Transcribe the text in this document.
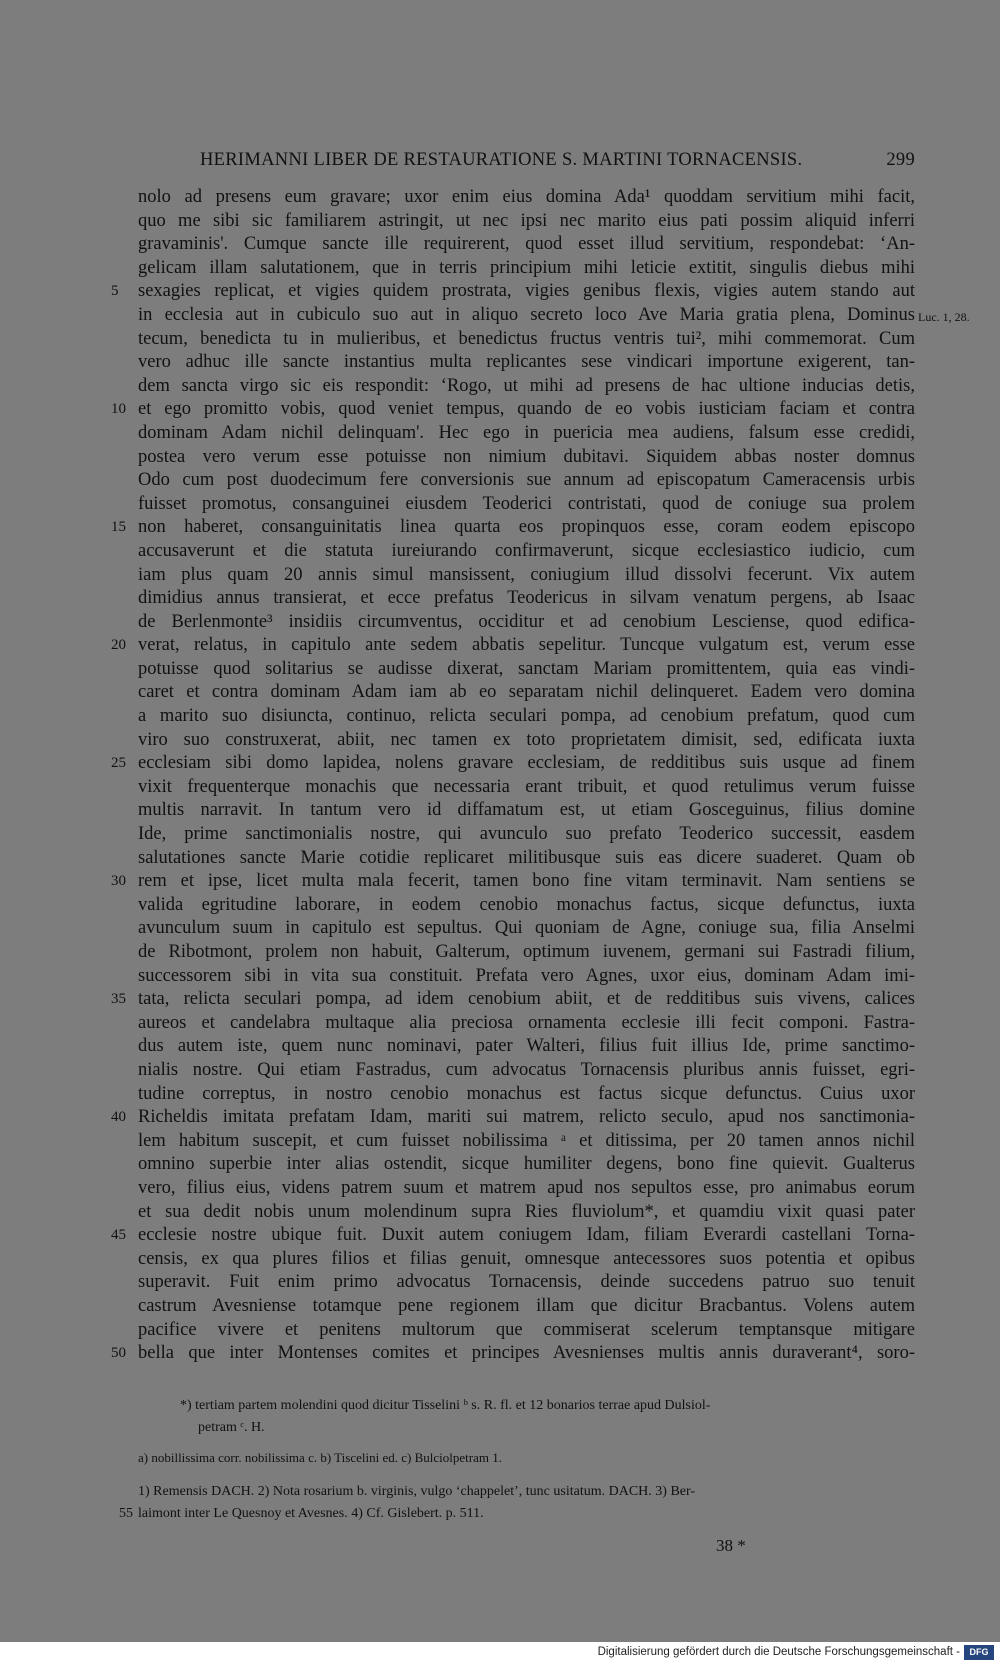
HERIMANNI LIBER DE RESTAURATIONE S. MARTINI TORNACENSIS.	299
nolo ad presens eum gravare; uxor enim eius domina Ada¹ quoddam servitium mihi facit,
quo me sibi sic familiarem astringit, ut nec ipsi nec marito eius pati possim aliquid inferri
gravaminis'. Cumque sancte ille requirerent, quod esset illud servitium, respondebat: ‘An-
gelicam illam salutationem, que in terris principium mihi leticie extitit, singulis diebus mihi
sexagies replicat, et vigies quidem prostrata, vigies genibus flexis, vigies autem stando aut
5
in ecclesia aut in cubiculo suo aut in aliquo secreto loco Ave Maria gratia plena, Dominus Luc. 1, 28.
tecum, benedicta tu in mulieribus, et benedictus fructus ventris tui², mihi commemorat. Cum
vero adhuc ille sancte instantius multa replicantes sese vindicari importune exigerent, tan-
dem sancta virgo sic eis respondit: ‘Rogo, ut mihi ad presens de hac ultione inducias detis,
et ego promitto vobis, quod veniet tempus, quando de eo vobis iusticiam faciam et contra
10
dominam Adam nichil delinquam'. Hec ego in puericia mea audiens, falsum esse credidi,
postea vero verum esse potuisse non nimium dubitavi. Siquidem abbas noster domnus
Odo cum post duodecimum fere conversionis sue annum ad episcopatum Cameracensis urbis
fuisset promotus, consanguinei eiusdem Teoderici contristati, quod de coniuge sua prolem
non haberet, consanguinitatis linea quarta eos propinquos esse, coram eodem episcopo
15
accusaverunt et die statuta iureiurando confirmaverunt, sicque ecclesiastico iudicio, cum
iam plus quam 20 annis simul mansissent, coniugium illud dissolvi fecerunt. Vix autem
dimidius annus transierat, et ecce prefatus Teodericus in silvam venatum pergens, ab Isaac
de Berlenmonte³ insidiis circumventus, occiditur et ad cenobium Lesciense, quod edifica-
verat, relatus, in capitulo ante sedem abbatis sepelitur. Tuncque vulgatum est, verum esse
20
potuisse quod solitarius se audisse dixerat, sanctam Mariam promittentem, quia eas vindi-
caret et contra dominam Adam iam ab eo separatam nichil delinqueret. Eadem vero domina
a marito suo disiuncta, continuo, relicta seculari pompa, ad cenobium prefatum, quod cum
viro suo construxerat, abiit, nec tamen ex toto proprietatem dimisit, sed, edificata iuxta
ecclesiam sibi domo lapidea, nolens gravare ecclesiam, de redditibus suis usque ad finem
25
vixit frequenterque monachis que necessaria erant tribuit, et quod retulimus verum fuisse
multis narravit. In tantum vero id diffamatum est, ut etiam Gosceguinus, filius domine
Ide, prime sanctimonialis nostre, qui avunculo suo prefato Teoderico successit, easdem
salutationes sancte Marie cotidie replicaret militibusque suis eas dicere suaderet. Quam ob
rem et ipse, licet multa mala fecerit, tamen bono fine vitam terminavit. Nam sentiens se
30
valida egritudine laborare, in eodem cenobio monachus factus, sicque defunctus, iuxta
avunculum suum in capitulo est sepultus. Qui quoniam de Agne, coniuge sua, filia Anselmi
de Ribotmont, prolem non habuit, Galterum, optimum iuvenem, germani sui Fastradi filium,
successorem sibi in vita sua constituit. Prefata vero Agnes, uxor eius, dominam Adam imi-
tata, relicta seculari pompa, ad idem cenobium abiit, et de redditibus suis vivens, calices
35
aureos et candelabra multaque alia preciosa ornamenta ecclesie illi fecit componi. Fastra-
dus autem iste, quem nunc nominavi, pater Walteri, filius fuit illius Ide, prime sanctimo-
nialis nostre. Qui etiam Fastradus, cum advocatus Tornacensis pluribus annis fuisset, egri-
tudine correptus, in nostro cenobio monachus est factus sicque defunctus. Cuius uxor
Richeldis imitata prefatam Idam, mariti sui matrem, relicto seculo, apud nos sanctimonia-
40
lem habitum suscepit, et cum fuisset nobilissima ᵃ et ditissima, per 20 tamen annos nichil
omnino superbie inter alias ostendit, sicque humiliter degens, bono fine quievit. Gualterus
vero, filius eius, videns patrem suum et matrem apud nos sepultos esse, pro animabus eorum
et sua dedit nobis unum molendinum supra Ries fluviolum*, et quamdiu vixit quasi pater
ecclesie nostre ubique fuit. Duxit autem coniugem Idam, filiam Everardi castellani Torna-
45
censis, ex qua plures filios et filias genuit, omnesque antecessores suos potentia et opibus
superavit. Fuit enim primo advocatus Tornacensis, deinde succedens patruo suo tenuit
castrum Avesniense totamque pene regionem illam que dicitur Bracbantus. Volens autem
pacifice vivere et penitens multorum que commiserat scelerum temptansque mitigare
bella que inter Montenses comites et principes Avesnienses multis annis duraverant⁴, soro-
50
*) tertiam partem molendini quod dicitur Tisselini ᵇ s. R. fl. et 12 bonarios terrae apud Dulsiol-
petram ᶜ. H.
a) nobillissima corr. nobilissima c. b) Tiscelini ed. c) Bulciolpetram 1.
1) Remensis DACH. 2) Nota rosarium b. virginis, vulgo ‘chappelet’, tunc usitatum. DACH. 3) Ber-
55 laimont inter Le Quesnoy et Avesnes. 4) Cf. Gislebert. p. 511.
38 *
Digitalisierung gefördert durch die Deutsche Forschungsgemeinschaft -	DFG
